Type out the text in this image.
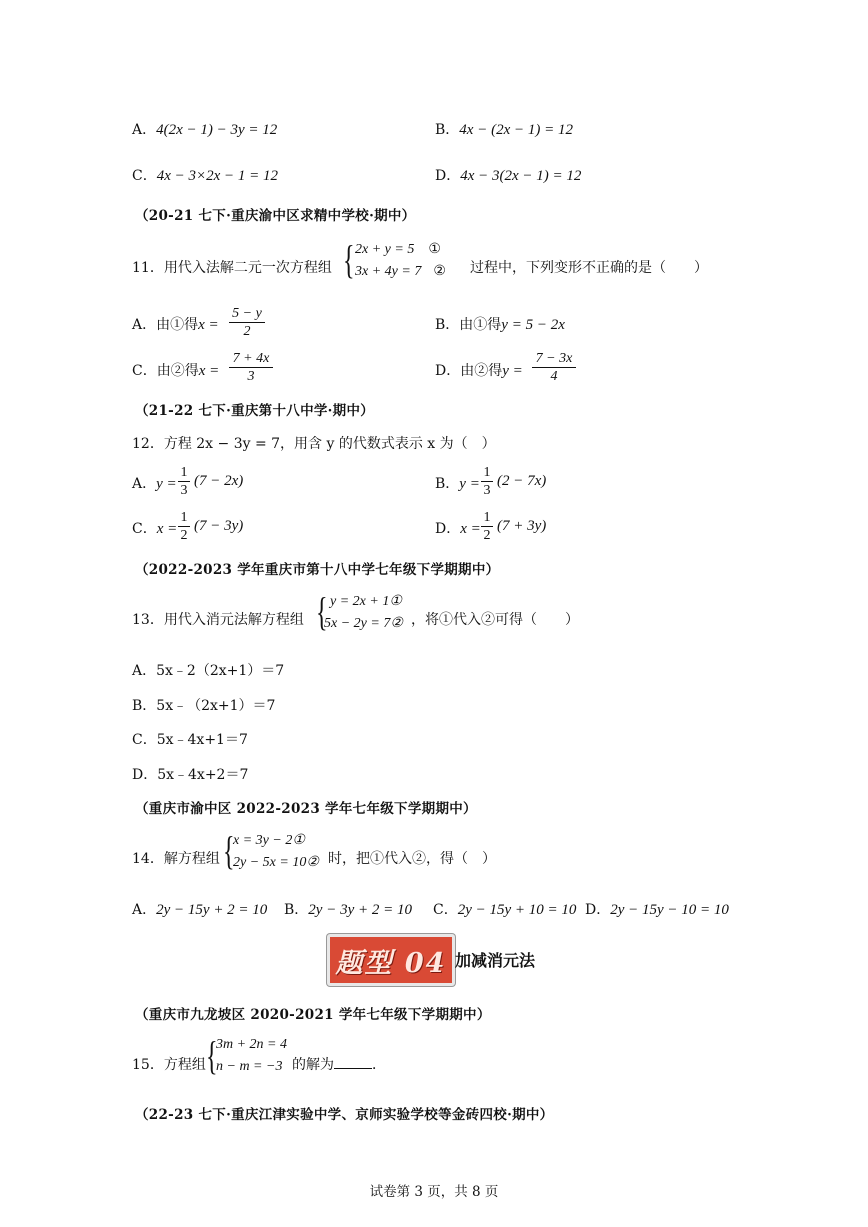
A．4(2x − 1) − 3y = 12	B．4x − (2x − 1) = 12
C．4x − 3×2x − 1 = 12	D．4x − 3(2x − 1) = 12
（20-21 七下·重庆渝中区求精中学校·期中）
11．用代入法解二元一次方程组 { 2x + y = 5 ①
3x + 4y = 7 ② 过程中，下列变形不正确的是（　　）
A．由①得$x = \frac{5 - y}{2}$	B．由①得y = 5 − 2x
C．由②得$x = \frac{7 + 4x}{3}$	D．由②得$y = \frac{7 - 3x}{4}$
（21-22 七下·重庆第十八中学·期中）
12．方程 2x − 3y = 7，用含 y 的代数式表示 x 为（　）
A．$y = \frac{1}{3} (7 - 2x)$	B．$y = \frac{1}{3} (2 - 7x)$
C．$x = \frac{1}{2} (7 - 3y)$	D．$x = \frac{1}{2} (7 + 3y)$
（2022-2023 学年重庆市第十八中学七年级下学期期中）
13．用代入消元法解方程组 { y = 2x + 1①
5x − 2y = 7② ，将①代入②可得（　　）
A．5x﹣2（2x+1）＝7
B．5x﹣（2x+1）＝7
C．5x﹣4x+1＝7
D．5x﹣4x+2＝7
（重庆市渝中区 2022-2023 学年七年级下学期期中）
14．解方程组 {
x = 3y − 2①
2y − 5x = 10② 时，把①代入②，得（　）
A．2y − 15y + 2 = 10 B．2y − 3y + 2 = 10 C．2y − 15y + 10 = 10 D．2y − 15y − 10 = 10
题型 04 加减消元法
（重庆市九龙坡区 2020-2021 学年七年级下学期期中）
15．方程组 {
3m + 2n = 4
n − m = −3 的解为	．
（22-23 七下·重庆江津实验中学、京师实验学校等金砖四校·期中）
试卷第 3 页，共 8 页
